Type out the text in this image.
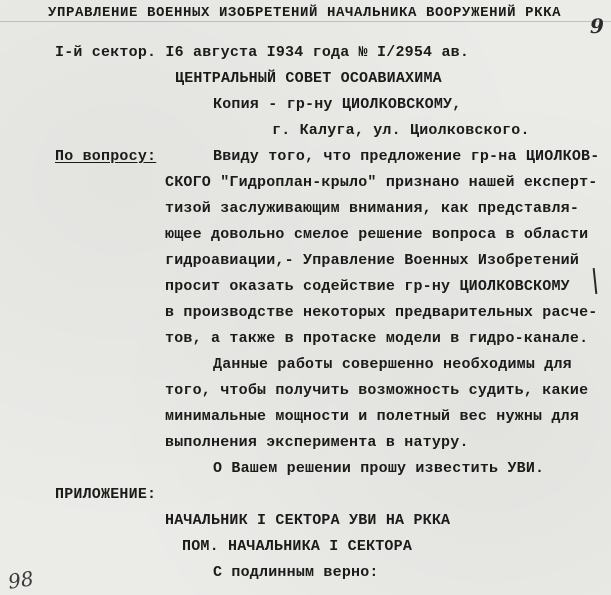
УПРАВЛЕНИЕ ВОЕННЫХ ИЗОБРЕТЕНИЙ НАЧАЛЬНИКА ВООРУЖЕНИЙ РККА
9
I-й сектор. I6 августа I934 года № I/2954 ав.
ЦЕНТРАЛЬНЫЙ СОВЕТ ОСОАВИАХИМА
Копия - гр-ну ЦИОЛКОВСКОМУ,
г. Калуга, ул. Циолковского.
По вопросу:	Ввиду того, что предложение гр-на ЦИОЛКОВ-
СКОГО "Гидроплан-крыло" признано нашей експерт-
тизой заслуживающим внимания, как представля-
ющее довольно смелое решение вопроса в области
гидроавиации,- Управление Военных Изобретений
просит оказать содействие гр-ну ЦИОЛКОВСКОМУ
в производстве некоторых предварительных расче-
тов, а также в протаске модели в гидро-канале.
Данные работы совершенно необходимы для
того, чтобы получить возможность судить, какие
минимальные мощности и полетный вес нужны для
выполнения эксперимента в натуру.
О Вашем решении прошу известить УВИ.
ПРИЛОЖЕНИЕ:
НАЧАЛЬНИК I СЕКТОРА УВИ НА РККА
ПОМ. НАЧАЛЬНИКА I СЕКТОРА
С подлинным верно:
98
